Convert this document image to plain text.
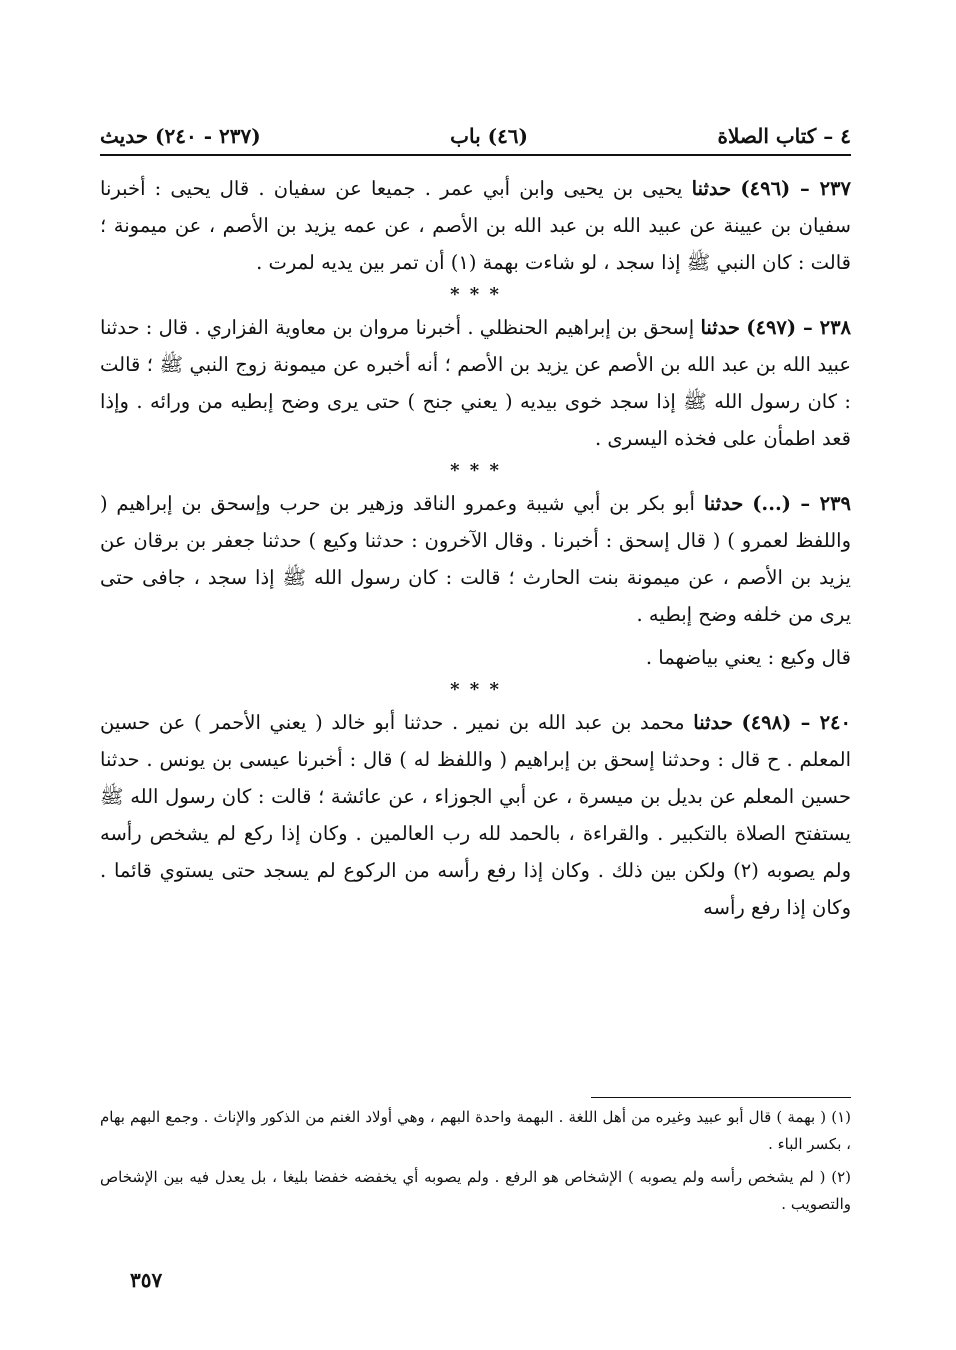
٤ – كتاب الصلاة
(٤٦) باب
(٢٣٧ - ٢٤٠) حديث

٢٣٧ – (٤٩٦) حدثنا يحيى بن يحيى وابن أبي عمر . جميعا عن سفيان . قال يحيى : أخبرنا سفيان بن عيينة عن عبيد الله بن عبد الله بن الأصم ، عن عمه يزيد بن الأصم ، عن ميمونة ؛ قالت : كان النبي ﷺ إذا سجد ، لو شاءت بهمة (١) أن تمر بين يديه لمرت .

* * *

٢٣٨ – (٤٩٧) حدثنا إسحق بن إبراهيم الحنظلي . أخبرنا مروان بن معاوية الفزاري . قال : حدثنا عبيد الله بن عبد الله بن الأصم عن يزيد بن الأصم ؛ أنه أخبره عن ميمونة زوج النبي ﷺ ؛ قالت : كان رسول الله ﷺ إذا سجد خوى بيديه ( يعني جنح ) حتى يرى وضح إبطيه من ورائه . وإذا قعد اطمأن على فخذه اليسرى .

* * *

٢٣٩ – (...) حدثنا أبو بكر بن أبي شيبة وعمرو الناقد وزهير بن حرب وإسحق بن إبراهيم ( واللفظ لعمرو ) ( قال إسحق : أخبرنا . وقال الآخرون : حدثنا وكيع ) حدثنا جعفر بن برقان عن يزيد بن الأصم ، عن ميمونة بنت الحارث ؛ قالت : كان رسول الله ﷺ إذا سجد ، جافى حتى يرى من خلفه وضح إبطيه .

قال وكيع : يعني بياضهما .

* * *

٢٤٠ – (٤٩٨) حدثنا محمد بن عبد الله بن نمير . حدثنا أبو خالد ( يعني الأحمر ) عن حسين المعلم . ح قال : وحدثنا إسحق بن إبراهيم ( واللفظ له ) قال : أخبرنا عيسى بن يونس . حدثنا حسين المعلم عن بديل بن ميسرة ، عن أبي الجوزاء ، عن عائشة ؛ قالت : كان رسول الله ﷺ يستفتح الصلاة بالتكبير . والقراءة ، بالحمد لله رب العالمين . وكان إذا ركع لم يشخص رأسه ولم يصوبه (٢) ولكن بين ذلك . وكان إذا رفع رأسه من الركوع لم يسجد حتى يستوي قائما . وكان إذا رفع رأسه

(١) ( بهمة ) قال أبو عبيد وغيره من أهل اللغة . البهمة واحدة البهم ، وهي أولاد الغنم من الذكور والإناث . وجمع البهم بهام ، بكسر الباء .

(٢) ( لم يشخص رأسه ولم يصوبه ) الإشخاص هو الرفع . ولم يصوبه أي يخفضه خفضا بليغا ، بل يعدل فيه بين الإشخاص والتصويب .

٣٥٧
